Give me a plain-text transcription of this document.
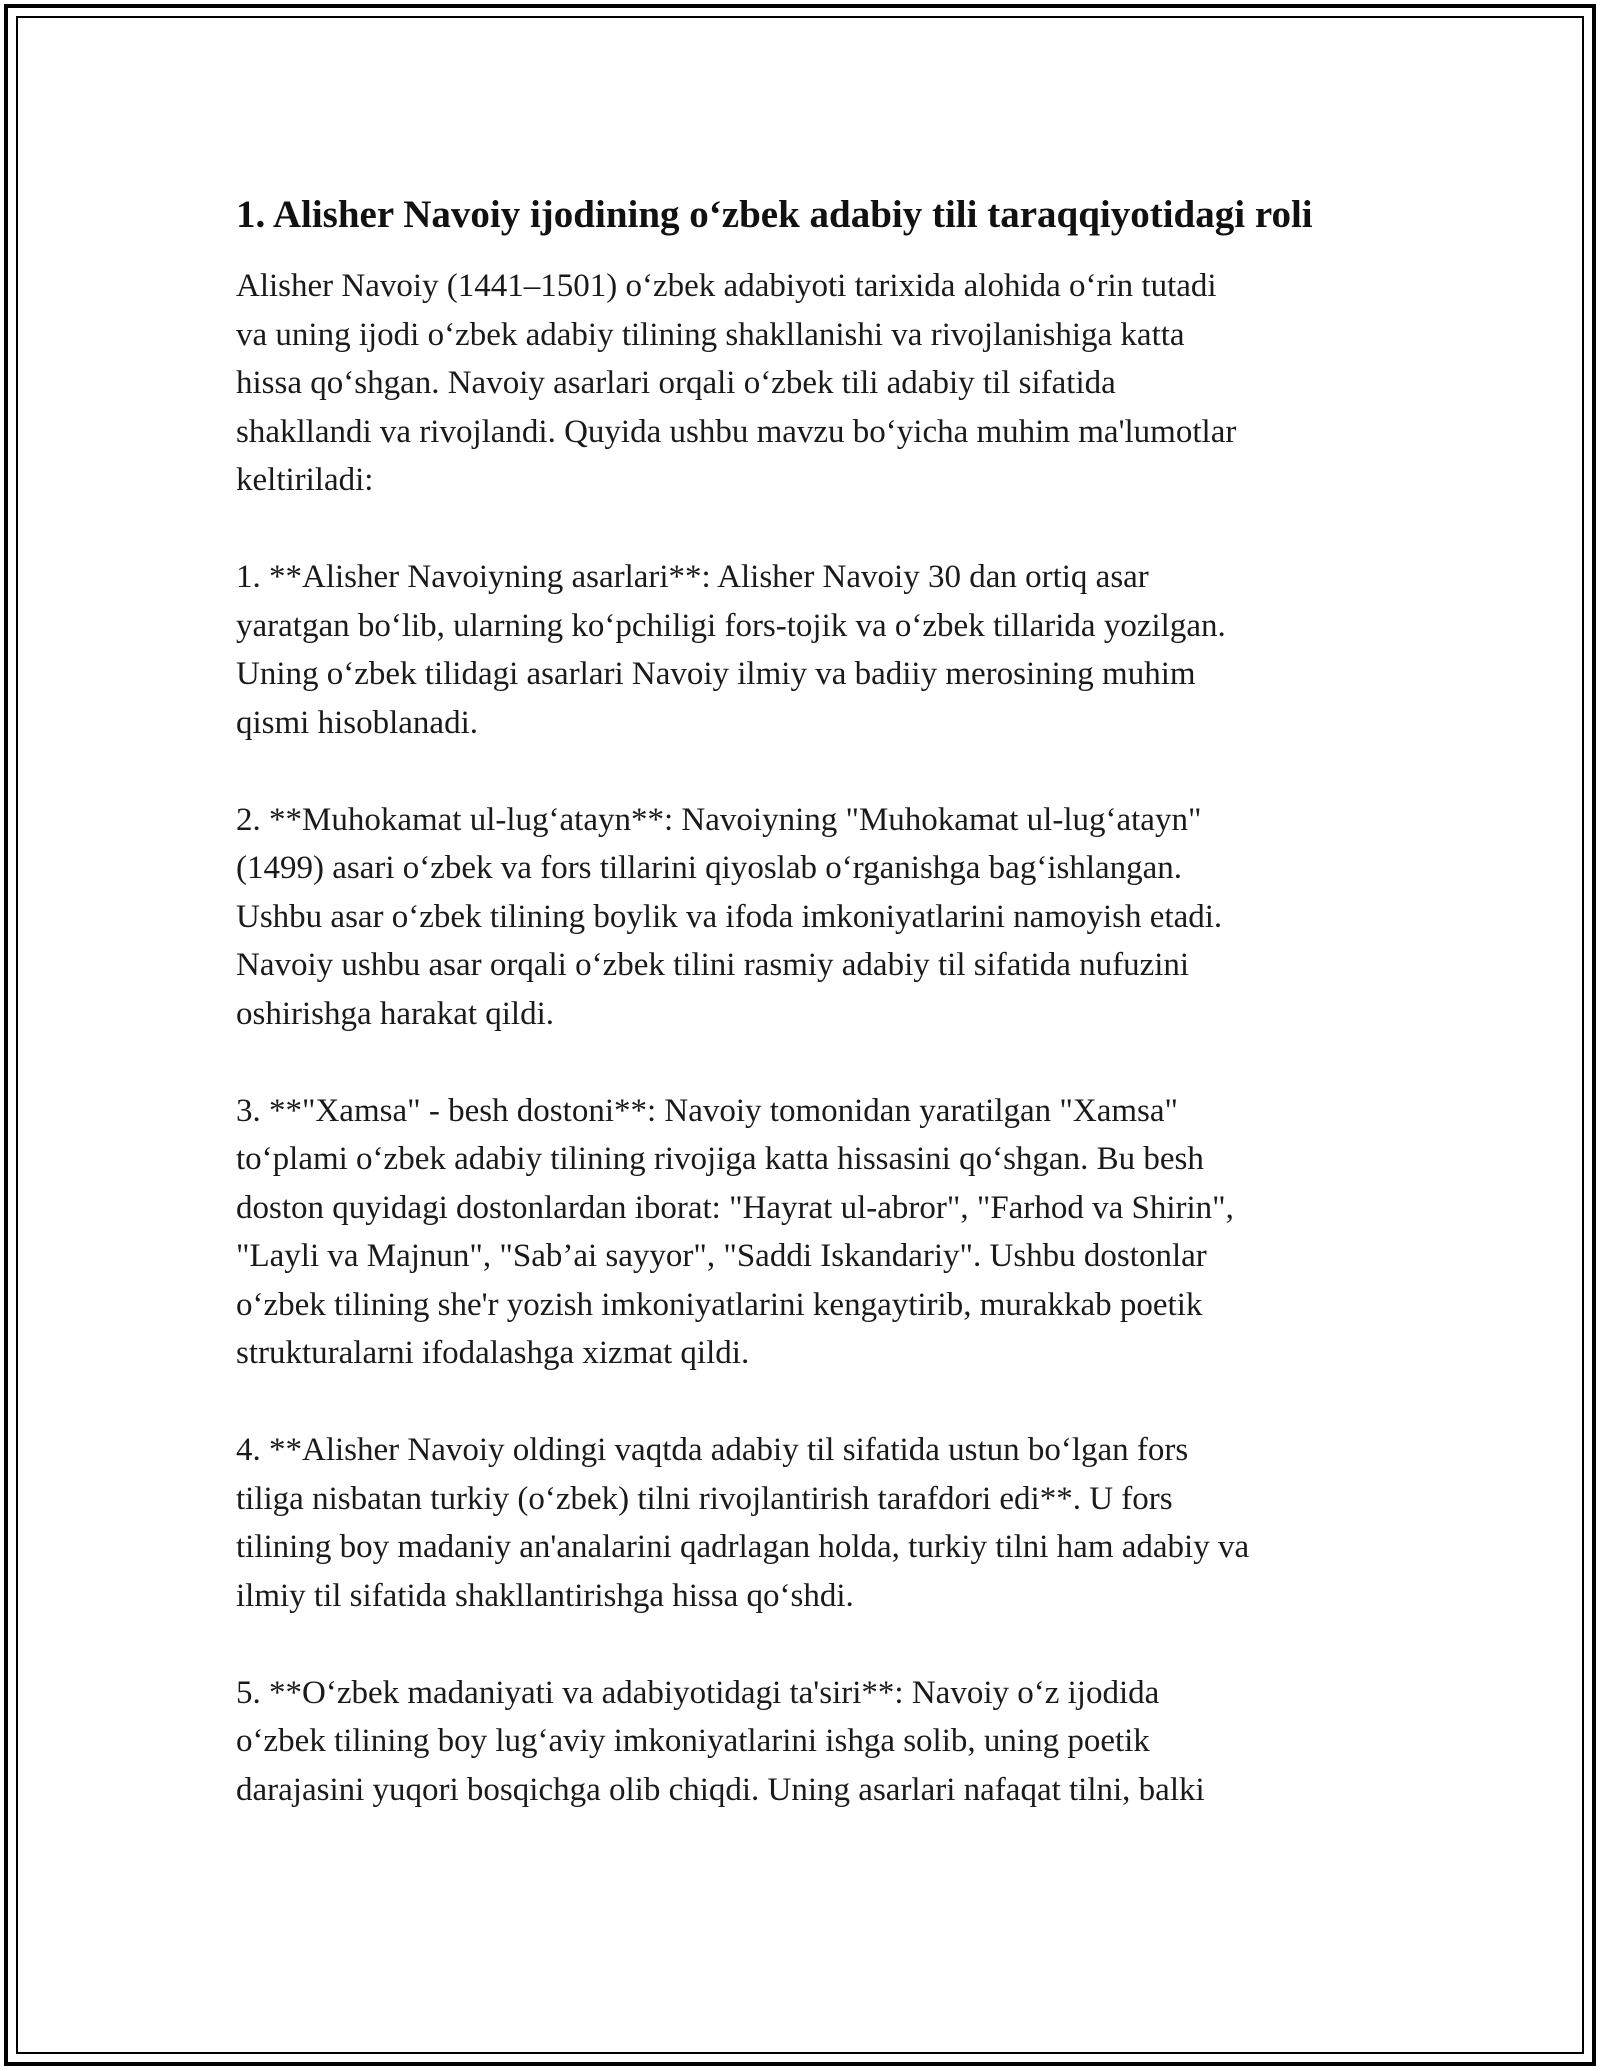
1. Alisher Navoiy ijodining o‘zbek adabiy tili taraqqiyotidagi roli

Alisher Navoiy (1441–1501) o‘zbek adabiyoti tarixida alohida o‘rin tutadi
va uning ijodi o‘zbek adabiy tilining shakllanishi va rivojlanishiga katta
hissa qo‘shgan. Navoiy asarlari orqali o‘zbek tili adabiy til sifatida
shakllandi va rivojlandi. Quyida ushbu mavzu bo‘yicha muhim ma'lumotlar
keltiriladi:

1. **Alisher Navoiyning asarlari**: Alisher Navoiy 30 dan ortiq asar
yaratgan bo‘lib, ularning ko‘pchiligi fors-tojik va o‘zbek tillarida yozilgan.
Uning o‘zbek tilidagi asarlari Navoiy ilmiy va badiiy merosining muhim
qismi hisoblanadi.

2. **Muhokamat ul-lug‘atayn**: Navoiyning "Muhokamat ul-lug‘atayn"
(1499) asari o‘zbek va fors tillarini qiyoslab o‘rganishga bag‘ishlangan.
Ushbu asar o‘zbek tilining boylik va ifoda imkoniyatlarini namoyish etadi.
Navoiy ushbu asar orqali o‘zbek tilini rasmiy adabiy til sifatida nufuzini
oshirishga harakat qildi.

3. **"Xamsa" - besh dostoni**: Navoiy tomonidan yaratilgan "Xamsa"
to‘plami o‘zbek adabiy tilining rivojiga katta hissasini qo‘shgan. Bu besh
doston quyidagi dostonlardan iborat: "Hayrat ul-abror", "Farhod va Shirin",
"Layli va Majnun", "Sab’ai sayyor", "Saddi Iskandariy". Ushbu dostonlar
o‘zbek tilining she'r yozish imkoniyatlarini kengaytirib, murakkab poetik
strukturalarni ifodalashga xizmat qildi.

4. **Alisher Navoiy oldingi vaqtda adabiy til sifatida ustun bo‘lgan fors
tiliga nisbatan turkiy (o‘zbek) tilni rivojlantirish tarafdori edi**. U fors
tilining boy madaniy an'analarini qadrlagan holda, turkiy tilni ham adabiy va
ilmiy til sifatida shakllantirishga hissa qo‘shdi.

5. **O‘zbek madaniyati va adabiyotidagi ta'siri**: Navoiy o‘z ijodida
o‘zbek tilining boy lug‘aviy imkoniyatlarini ishga solib, uning poetik
darajasini yuqori bosqichga olib chiqdi. Uning asarlari nafaqat tilni, balki
